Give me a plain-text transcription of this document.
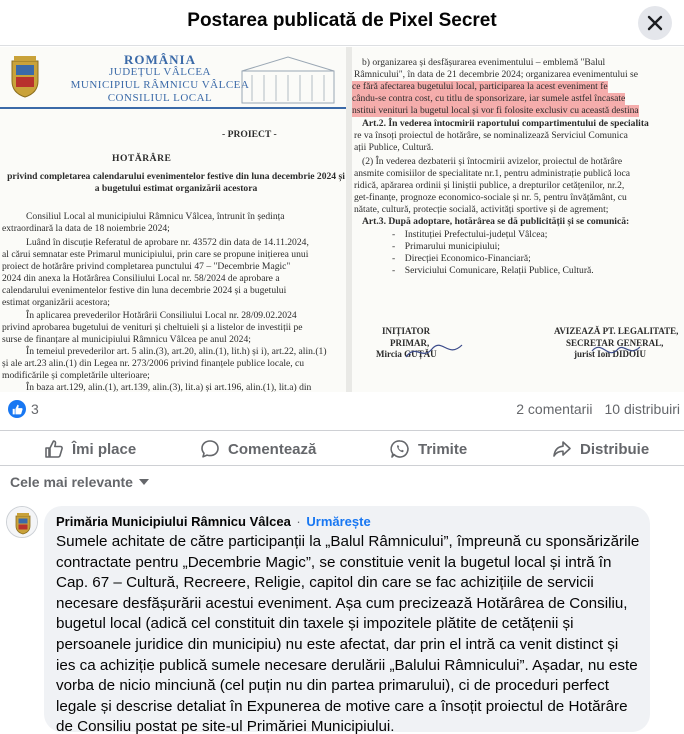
Postarea publicată de Pixel Secret
ROMÂNIA
JUDEȚUL VÂLCEA
MUNICIPIUL RÂMNICU VÂLCEA
CONSILIUL LOCAL

- PROIECT -

HOTĂRÂRE

privind completarea calendarului evenimentelor festive din luna decembrie 2024 și

a bugetului estimat organizării acestora

Consiliul Local al municipiului Râmnicu Vâlcea, întrunit în ședința

extraordinară la data de 18 noiembrie 2024;

Luând în discuție Referatul de aprobare nr. 43572 din data de 14.11.2024,

al cărui semnatar este Primarul municipiului, prin care se propune inițierea unui

proiect de hotărâre privind completarea punctului 47 – "Decembrie Magic"

2024 din anexa la Hotărârea Consiliului Local nr. 58/2024 de aprobare a

calendarului evenimentelor festive din luna decembrie 2024 și a bugetului

estimat organizării acestora;

În aplicarea prevederilor Hotărârii Consiliului Local nr. 28/09.02.2024

privind aprobarea bugetului de venituri și cheltuieli și a listelor de investiții pe

surse de finanțare al municipiului Râmnicu Vâlcea pe anul 2024;

În temeiul prevederilor art. 5 alin.(3), art.20, alin.(1), lit.h) și i), art.22, alin.(1)

și ale art.23 alin.(1) din Legea nr. 273/2006 privind finanțele publice locale, cu

modificările și completările ulterioare;

În baza art.129, alin.(1), art.139, alin.(3), lit.a) și art.196, alin.(1), lit.a) din

b) organizarea și desfășurarea evenimentului – emblemă "Balul

Râmnicului", în data de 21 decembrie 2024; organizarea evenimentului se

ce fără afectarea bugetului local, participarea la acest eveniment fe

cându-se contra cost, cu titlu de sponsorizare, iar sumele astfel încasate

nstitui venituri la bugetul local și vor fi folosite exclusiv cu această destina

Art.2. În vederea întocmirii raportului compartimentului de specialita

re va însoți proiectul de hotărâre, se nominalizează Serviciul Comunica

ații Publice, Cultură.

(2) În vederea dezbaterii și întocmirii avizelor, proiectul de hotărâre

ansmite comisiilor de specialitate nr.1, pentru administrație publică loca

ridică, apărarea ordinii și liniștii publice, a drepturilor cetățenilor, nr.2,

get-finanțe, prognoze economico-sociale și nr. 5, pentru învățământ, cu

nătate, cultură, protecție socială, activități sportive și de agrement;

Art.3. După adoptare, hotărârea se dă publicității și se comunică:

-    Instituției Prefectului-județul Vâlcea;

-    Primarului municipiului;

-    Direcției Economico-Financiară;

-    Serviciului Comunicare, Relații Publice, Cultură.

INIȚIATOR

PRIMAR,

Mircia GUȚĂU

AVIZEAZĂ PT. LEGALITATE,

SECRETAR GENERAL,

jurist Ion DIDOIU

3	2 comentarii 10 distribuiri
Îmi place	Comentează	Trimite	Distribuie
Cele mai relevante
Primăria Municipiului Râmnicu Vâlcea · Urmărește
Sumele achitate de către participanții la „Balul Râmnicului”, împreună cu sponsărizările contractate pentru „Decembrie Magic”, se constituie venit la bugetul local și intră în Cap. 67 – Cultură, Recreere, Religie, capitol din care se fac achizițiile de servicii necesare desfășurării acestui eveniment. Așa cum precizează Hotărârea de Consiliu, bugetul local (adică cel constituit din taxele și impozitele plătite de cetățenii și persoanele juridice din municipiu) nu este afectat, dar prin el intră ca venit distinct și ies ca achiziție publică sumele necesare derulării „Balului Râmnicului”. Așadar, nu este vorba de nicio minciună (cel puțin nu din partea primarului), ci de proceduri perfect legale și descrise detaliat în Expunerea de motive care a însoțit proiectul de Hotărâre de Consiliu postat pe site-ul Primăriei Municipiului.
